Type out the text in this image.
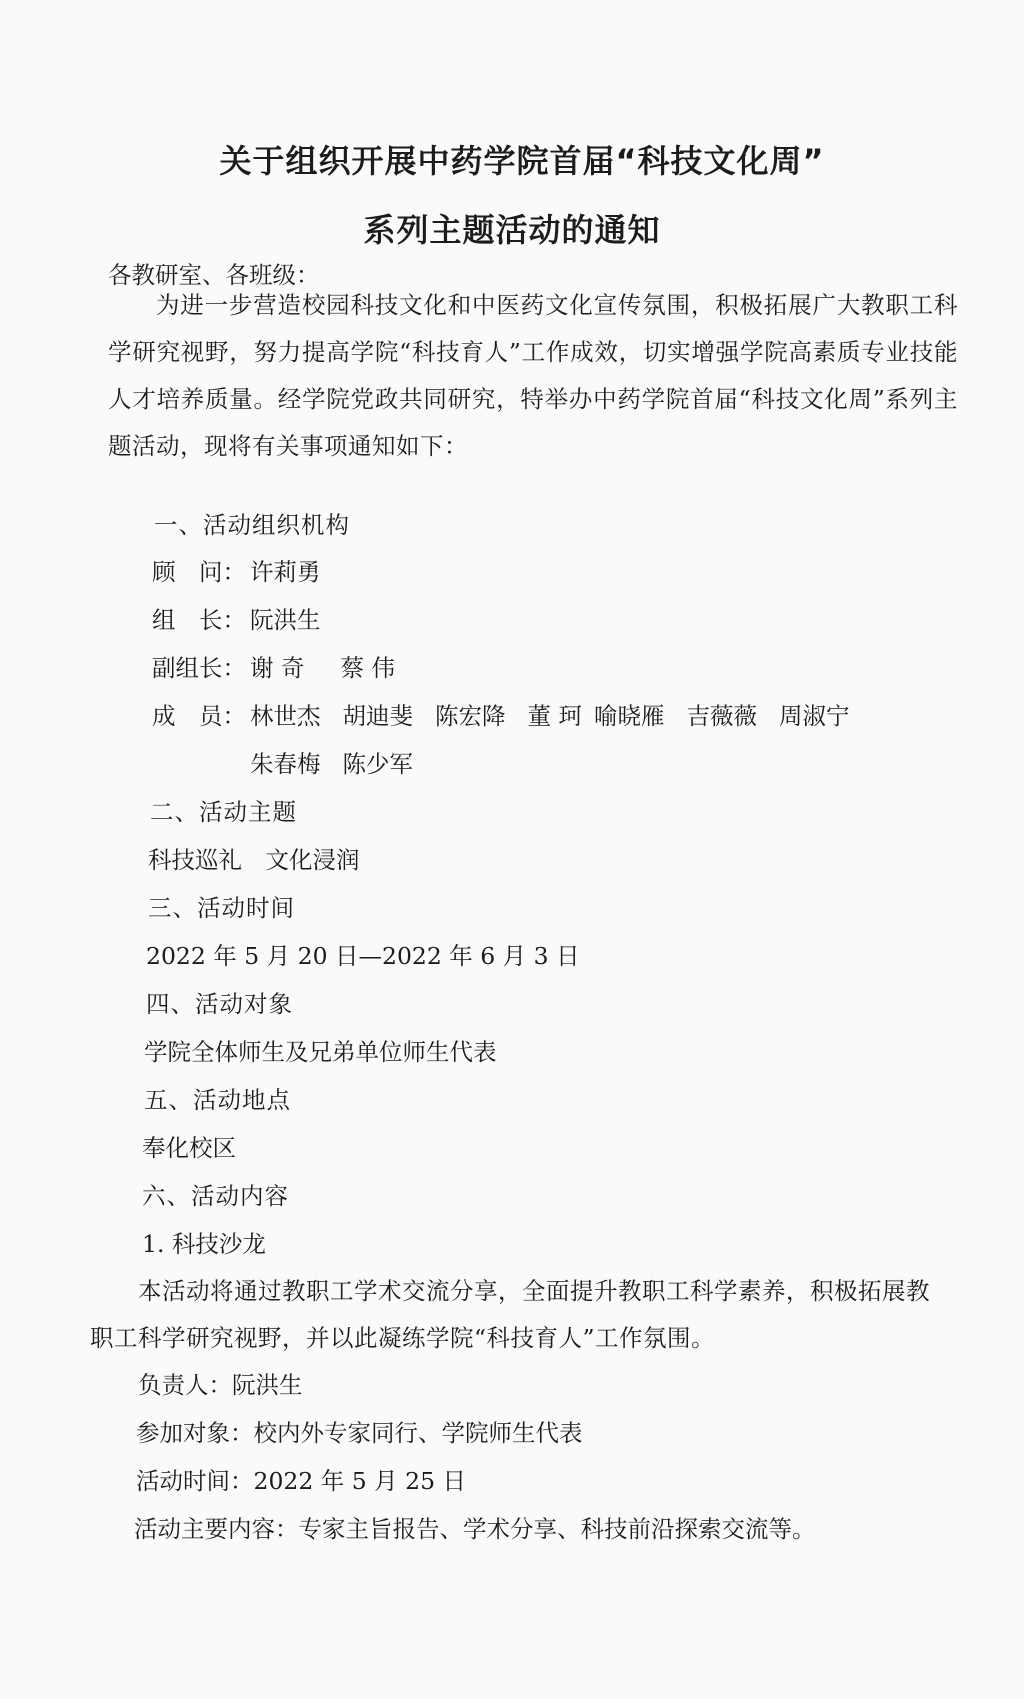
关于组织开展中药学院首届“科技文化周”
系列主题活动的通知
各教研室、各班级：
为进一步营造校园科技文化和中医药文化宣传氛围，积极拓展广大教职工科学研究视野，努力提高学院“科技育人”工作成效，切实增强学院高素质专业技能人才培养质量。经学院党政共同研究，特举办中药学院首届“科技文化周”系列主题活动，现将有关事项通知如下：
一、活动组织机构
顾　问： 许莉勇
组　长： 阮洪生
副组长： 谢 奇 蔡 伟
成　员： 林世杰 胡迪斐 陈宏降 董 珂 喻晓雁 吉薇薇 周淑宁
朱春梅 陈少军
二、活动主题
科技巡礼　文化浸润
三、活动时间
2022 年 5 月 20 日—2022 年 6 月 3 日
四、活动对象
学院全体师生及兄弟单位师生代表
五、活动地点
奉化校区
六、活动内容
1. 科技沙龙
本活动将通过教职工学术交流分享，全面提升教职工科学素养，积极拓展教职工科学研究视野，并以此凝练学院“科技育人”工作氛围。
负责人：阮洪生
参加对象：校内外专家同行、学院师生代表
活动时间：2022 年 5 月 25 日
活动主要内容：专家主旨报告、学术分享、科技前沿探索交流等。
